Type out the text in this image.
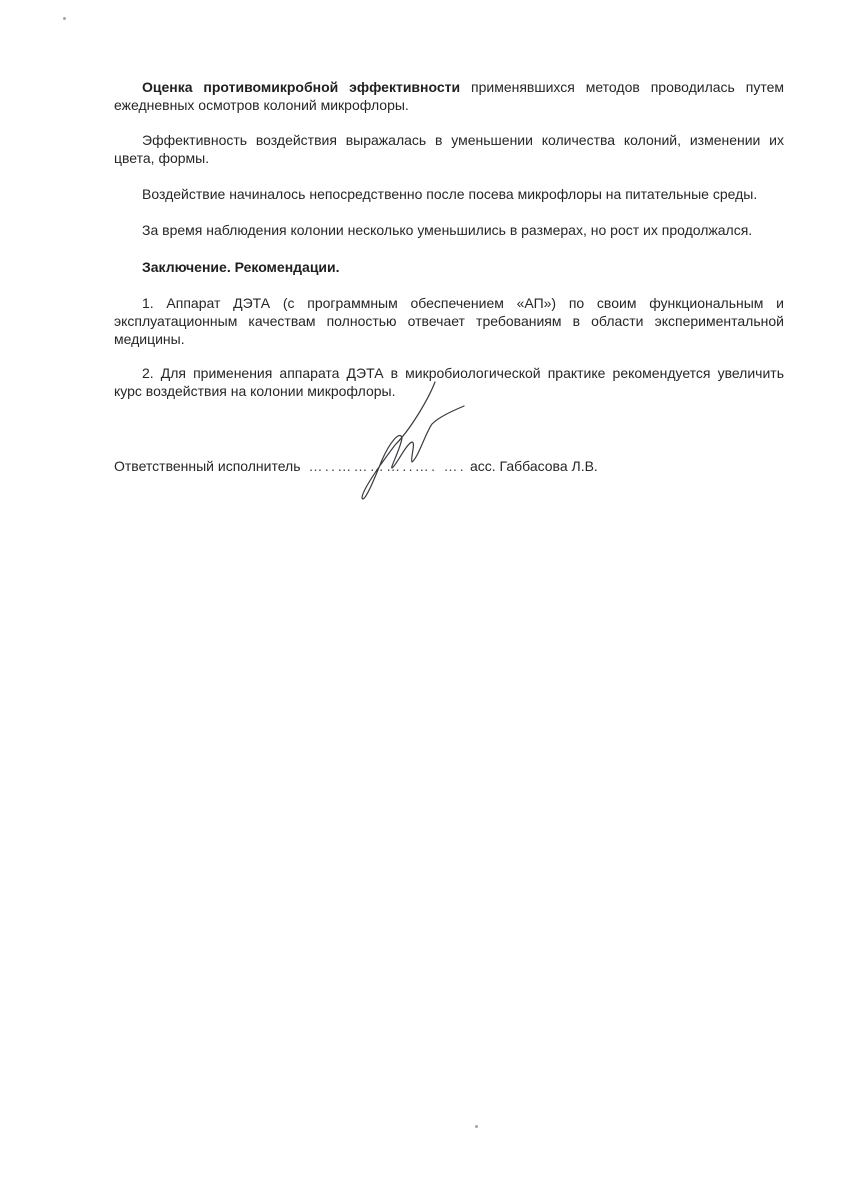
Оценка противомикробной эффективности применявшихся методов проводилась путем ежедневных осмотров колоний микрофлоры.

Эффективность воздействия выражалась в уменьшении количества колоний, изменении их цвета, формы.

Воздействие начиналось непосредственно после посева микрофлоры на питательные среды.

За время наблюдения колонии несколько уменьшились в размерах, но рост их продолжался.

Заключение. Рекомендации.

1. Аппарат ДЭТА (с программным обеспечением «АП») по своим функциональным и эксплуатационным качествам полностью отвечает требованиям в области экспериментальной медицины.

2. Для применения аппарата ДЭТА в микробиологической практике рекомендуется увеличить курс воздействия на колонии микрофлоры.

Ответственный исполнитель …..…………..…. …. асс. Габбасова Л.В.
